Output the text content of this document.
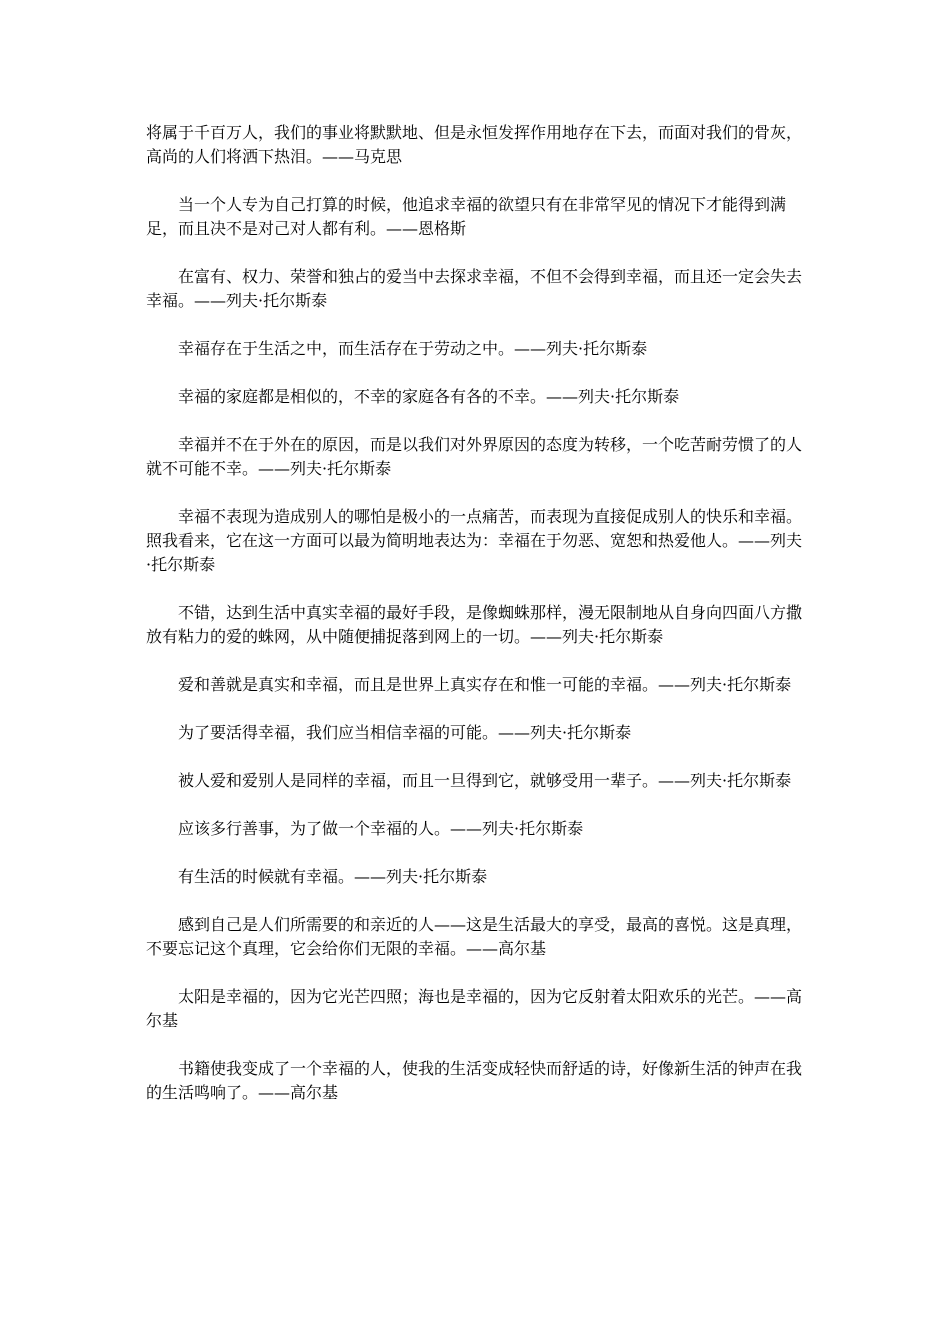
将属于千百万人，我们的事业将默默地、但是永恒发挥作用地存在下去，而面对我们的骨灰，高尚的人们将洒下热泪。——马克思

当一个人专为自己打算的时候，他追求幸福的欲望只有在非常罕见的情况下才能得到满足，而且决不是对己对人都有利。——恩格斯

在富有、权力、荣誉和独占的爱当中去探求幸福，不但不会得到幸福，而且还一定会失去幸福。——列夫·托尔斯泰

幸福存在于生活之中，而生活存在于劳动之中。——列夫·托尔斯泰

幸福的家庭都是相似的，不幸的家庭各有各的不幸。——列夫·托尔斯泰

幸福并不在于外在的原因，而是以我们对外界原因的态度为转移，一个吃苦耐劳惯了的人就不可能不幸。——列夫·托尔斯泰

幸福不表现为造成别人的哪怕是极小的一点痛苦，而表现为直接促成别人的快乐和幸福。照我看来，它在这一方面可以最为简明地表达为：幸福在于勿恶、宽恕和热爱他人。——列夫·托尔斯泰

不错，达到生活中真实幸福的最好手段，是像蜘蛛那样，漫无限制地从自身向四面八方撒放有粘力的爱的蛛网，从中随便捕捉落到网上的一切。——列夫·托尔斯泰

爱和善就是真实和幸福，而且是世界上真实存在和惟一可能的幸福。——列夫·托尔斯泰

为了要活得幸福，我们应当相信幸福的可能。——列夫·托尔斯泰

被人爱和爱别人是同样的幸福，而且一旦得到它，就够受用一辈子。——列夫·托尔斯泰

应该多行善事，为了做一个幸福的人。——列夫·托尔斯泰

有生活的时候就有幸福。——列夫·托尔斯泰

感到自己是人们所需要的和亲近的人——这是生活最大的享受，最高的喜悦。这是真理，不要忘记这个真理，它会给你们无限的幸福。——高尔基

太阳是幸福的，因为它光芒四照；海也是幸福的，因为它反射着太阳欢乐的光芒。——高尔基

书籍使我变成了一个幸福的人，使我的生活变成轻快而舒适的诗，好像新生活的钟声在我的生活鸣响了。——高尔基
